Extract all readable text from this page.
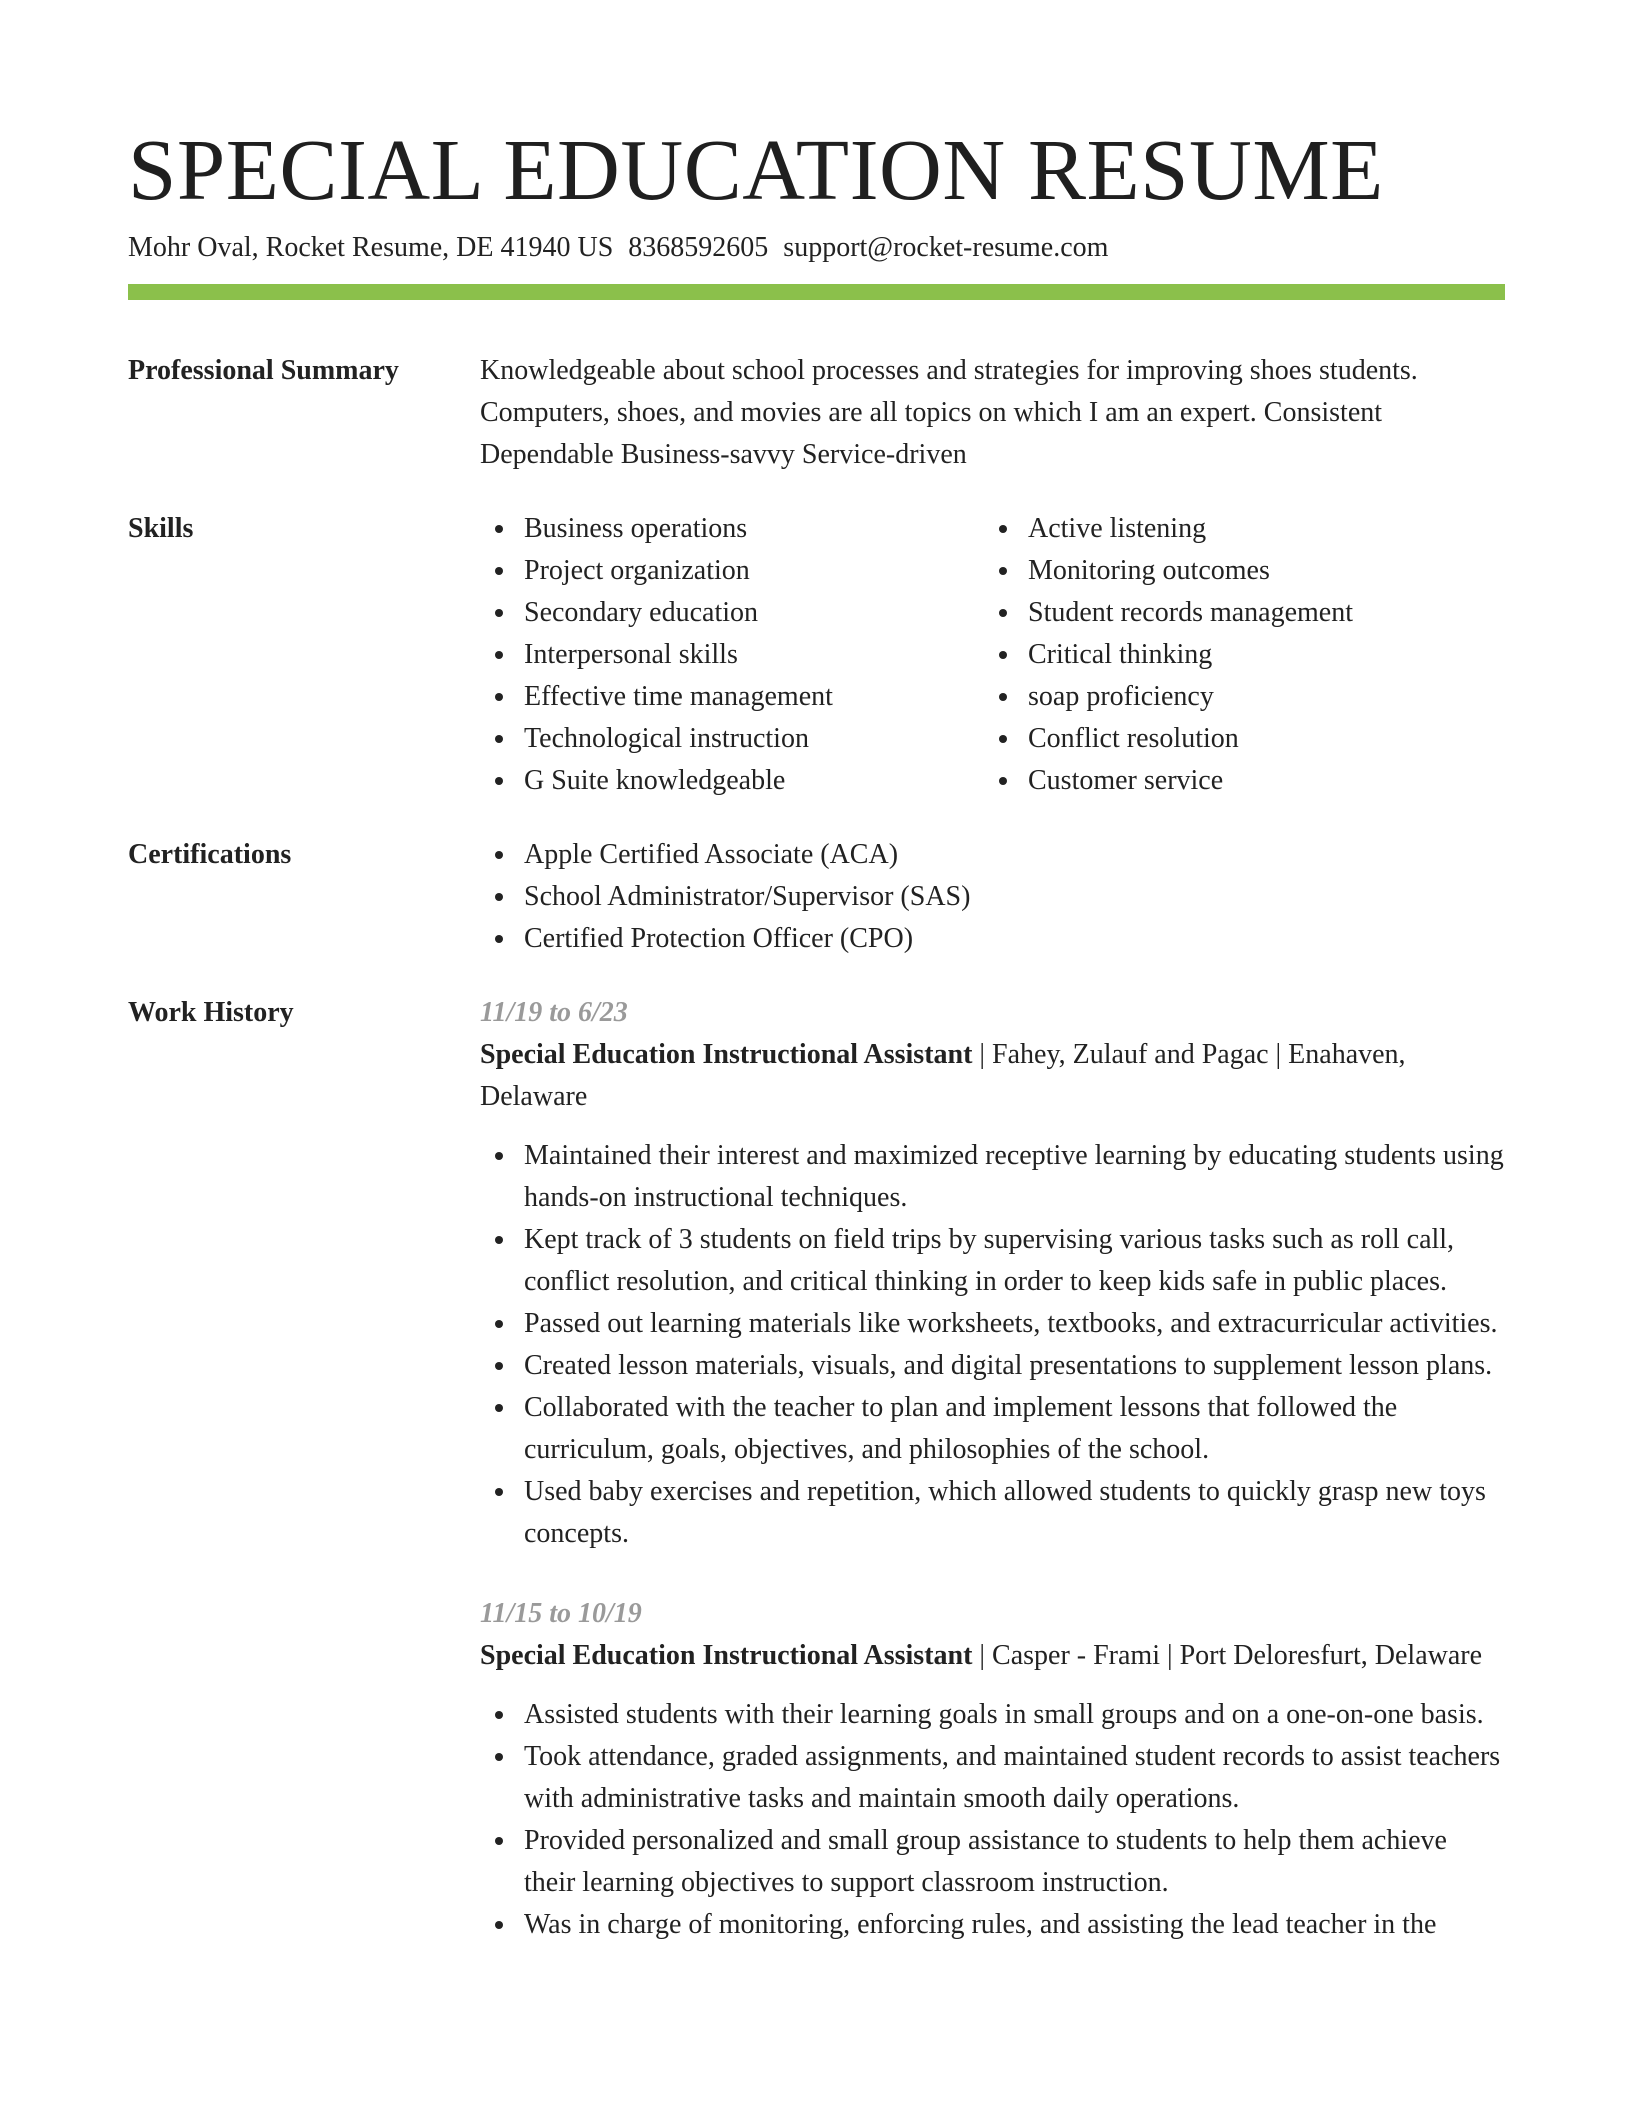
SPECIAL EDUCATION RESUME
Mohr Oval, Rocket Resume, DE 41940 US 8368592605 support@rocket-resume.com
Professional Summary	Knowledgeable about school processes and strategies for improving shoes students. Computers, shoes, and movies are all topics on which I am an expert. Consistent Dependable Business-savvy Service-driven
Skills	Business operations
Project organization
Secondary education
Interpersonal skills
Effective time management
Technological instruction
G Suite knowledgeable
Active listening
Monitoring outcomes
Student records management
Critical thinking
soap proficiency
Conflict resolution
Customer service
Certifications	Apple Certified Associate (ACA)
School Administrator/Supervisor (SAS)
Certified Protection Officer (CPO)
Work History	11/19 to 6/23
Special Education Instructional Assistant | Fahey, Zulauf and Pagac | Enahaven, Delaware
Maintained their interest and maximized receptive learning by educating students using hands-on instructional techniques.
Kept track of 3 students on field trips by supervising various tasks such as roll call, conflict resolution, and critical thinking in order to keep kids safe in public places.
Passed out learning materials like worksheets, textbooks, and extracurricular activities.
Created lesson materials, visuals, and digital presentations to supplement lesson plans.
Collaborated with the teacher to plan and implement lessons that followed the curriculum, goals, objectives, and philosophies of the school.
Used baby exercises and repetition, which allowed students to quickly grasp new toys concepts.
11/15 to 10/19
Special Education Instructional Assistant | Casper - Frami | Port Deloresfurt, Delaware
Assisted students with their learning goals in small groups and on a one-on-one basis.
Took attendance, graded assignments, and maintained student records to assist teachers with administrative tasks and maintain smooth daily operations.
Provided personalized and small group assistance to students to help them achieve their learning objectives to support classroom instruction.
Was in charge of monitoring, enforcing rules, and assisting the lead teacher in the
